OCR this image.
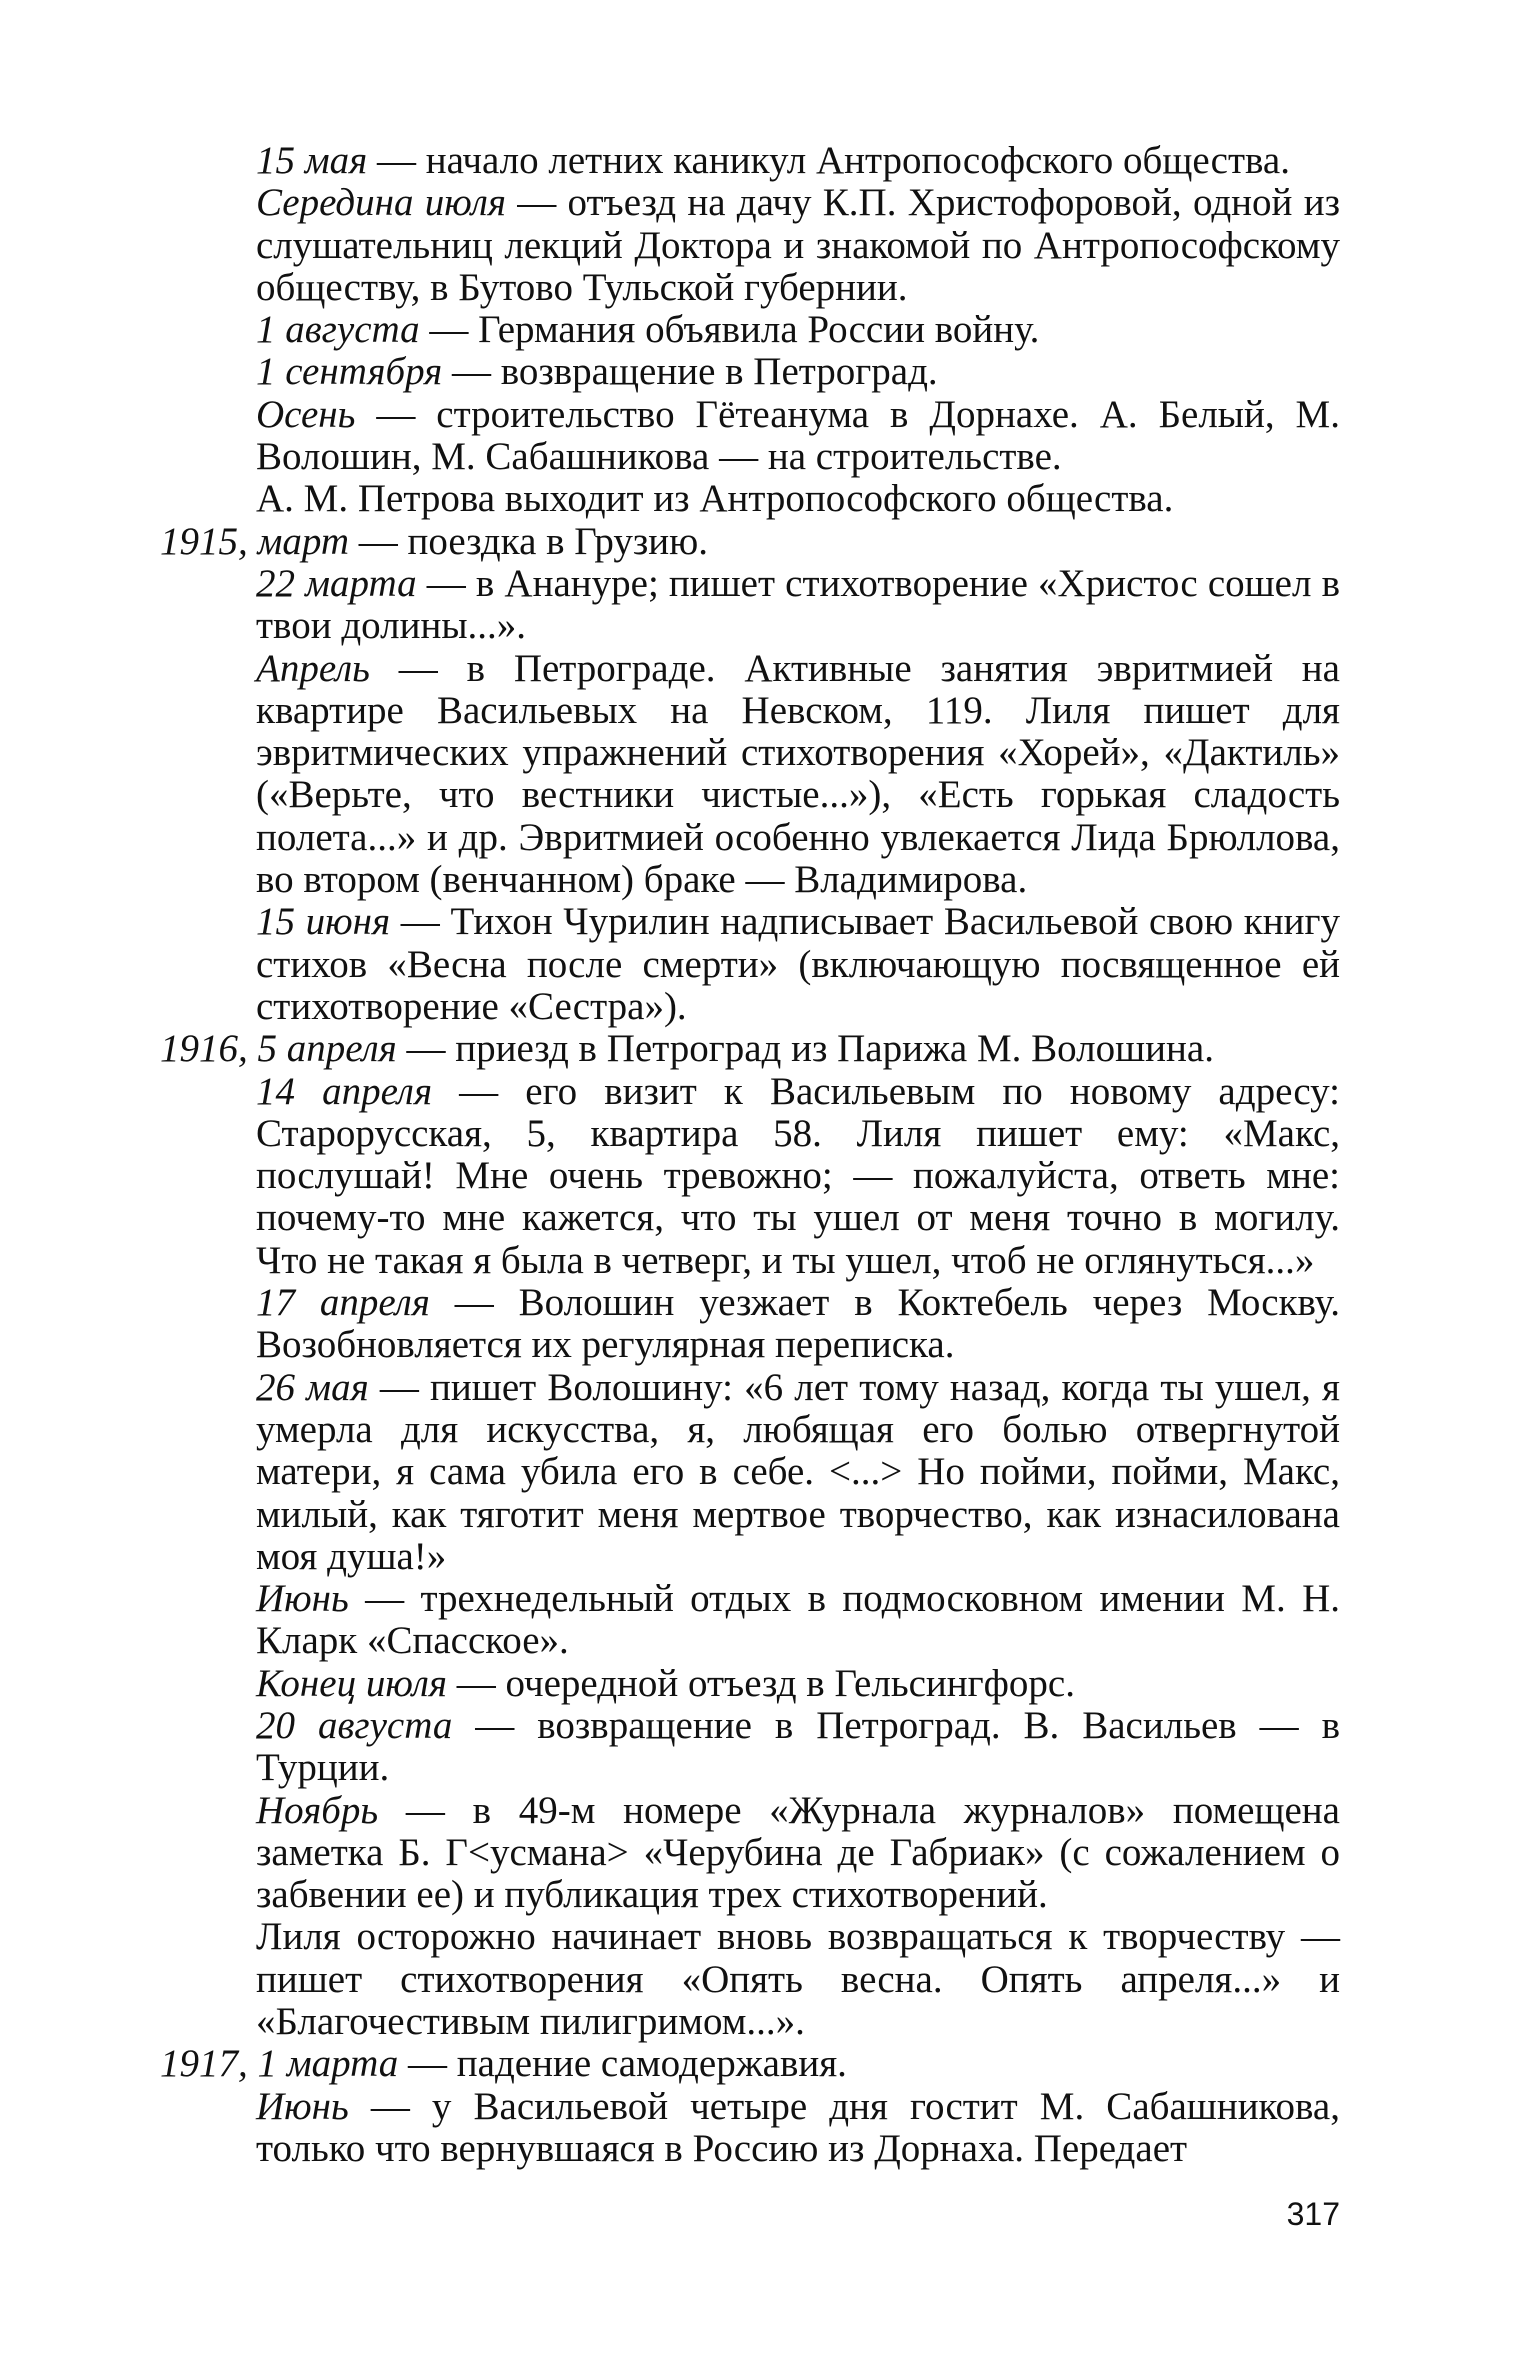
15 мая — начало летних каникул Антропософского общества.

Середина июля — отъезд на дачу К.П. Христофоровой, одной из слушательниц лекций Доктора и знакомой по Антропософскому обществу, в Бутово Тульской губернии.

1 августа — Германия объявила России войну.

1 сентября — возвращение в Петроград.

Осень — строительство Гётеанума в Дорнахе. А. Белый, М. Волошин, М. Сабашникова — на строительстве.

А. М. Петрова выходит из Антропософского общества.

1915, март — поездка в Грузию.

22 марта — в Анануре; пишет стихотворение «Христос сошел в твои долины...».

Апрель — в Петрограде. Активные занятия эвритмией на квартире Васильевых на Невском, 119. Лиля пишет для эвритмических упражнений стихотворения «Хорей», «Дактиль» («Верьте, что вестники чистые...»), «Есть горькая сладость полета...» и др. Эвритмией особенно увлекается Лида Брюллова, во втором (венчанном) браке — Владимирова.

15 июня — Тихон Чурилин надписывает Васильевой свою книгу стихов «Весна после смерти» (включающую посвященное ей стихотворение «Сестра»).

1916, 5 апреля — приезд в Петроград из Парижа М. Волошина.

14 апреля — его визит к Васильевым по новому адресу: Старорусская, 5, квартира 58. Лиля пишет ему: «Макс, послушай! Мне очень тревожно; — пожалуйста, ответь мне: почему-то мне кажется, что ты ушел от меня точно в могилу. Что не такая я была в четверг, и ты ушел, чтоб не оглянуться...»

17 апреля — Волошин уезжает в Коктебель через Москву. Возобновляется их регулярная переписка.

26 мая — пишет Волошину: «6 лет тому назад, когда ты ушел, я умерла для искусства, я, любящая его болью отвергнутой матери, я сама убила его в себе. <...> Но пойми, пойми, Макс, милый, как тяготит меня мертвое творчество, как изнасилована моя душа!»

Июнь — трехнедельный отдых в подмосковном имении М. Н. Кларк «Спасское».

Конец июля — очередной отъезд в Гельсингфорс.

20 августа — возвращение в Петроград. В. Васильев — в Турции.

Ноябрь — в 49-м номере «Журнала журналов» помещена заметка Б. Г<усмана> «Черубина де Габриак» (с сожалением о забвении ее) и публикация трех стихотворений.

Лиля осторожно начинает вновь возвращаться к творчеству — пишет стихотворения «Опять весна. Опять апреля...» и «Благочестивым пилигримом...».

1917, 1 марта — падение самодержавия.

Июнь — у Васильевой четыре дня гостит М. Сабашникова, только что вернувшаяся в Россию из Дорнаха. Передает

317
